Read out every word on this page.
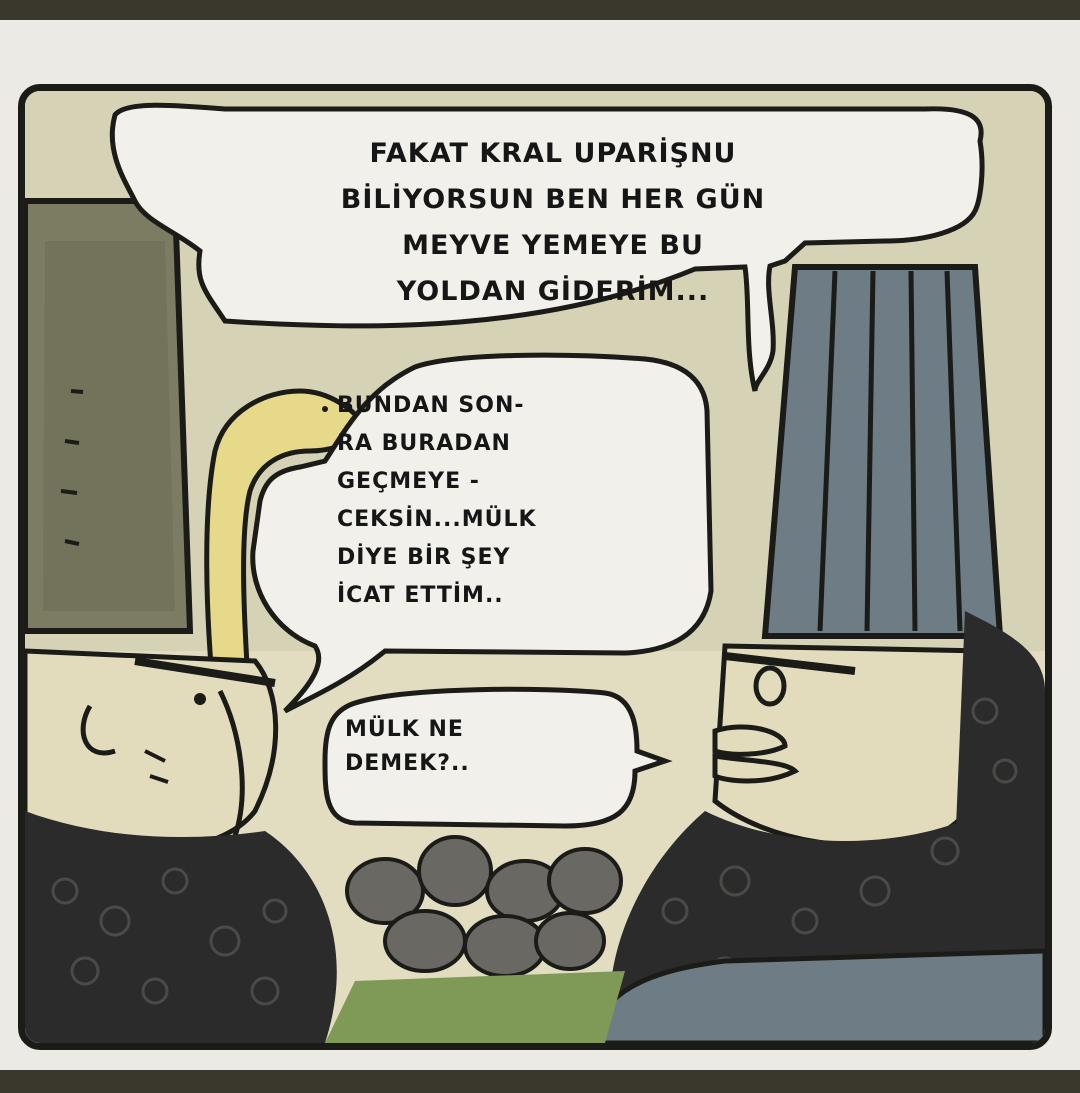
FAKAT KRAL UPARİŞNU
BİLİYORSUN BEN HER GÜN
MEYVE YEMEYE BU
YOLDAN GİDERİM...
BUNDAN SON-
RA BURADAN
GEÇMEYE -
CEKSİN...MÜLK
DİYE BİR ŞEY
İCAT ETTİM..
MÜLK NE
DEMEK?..
